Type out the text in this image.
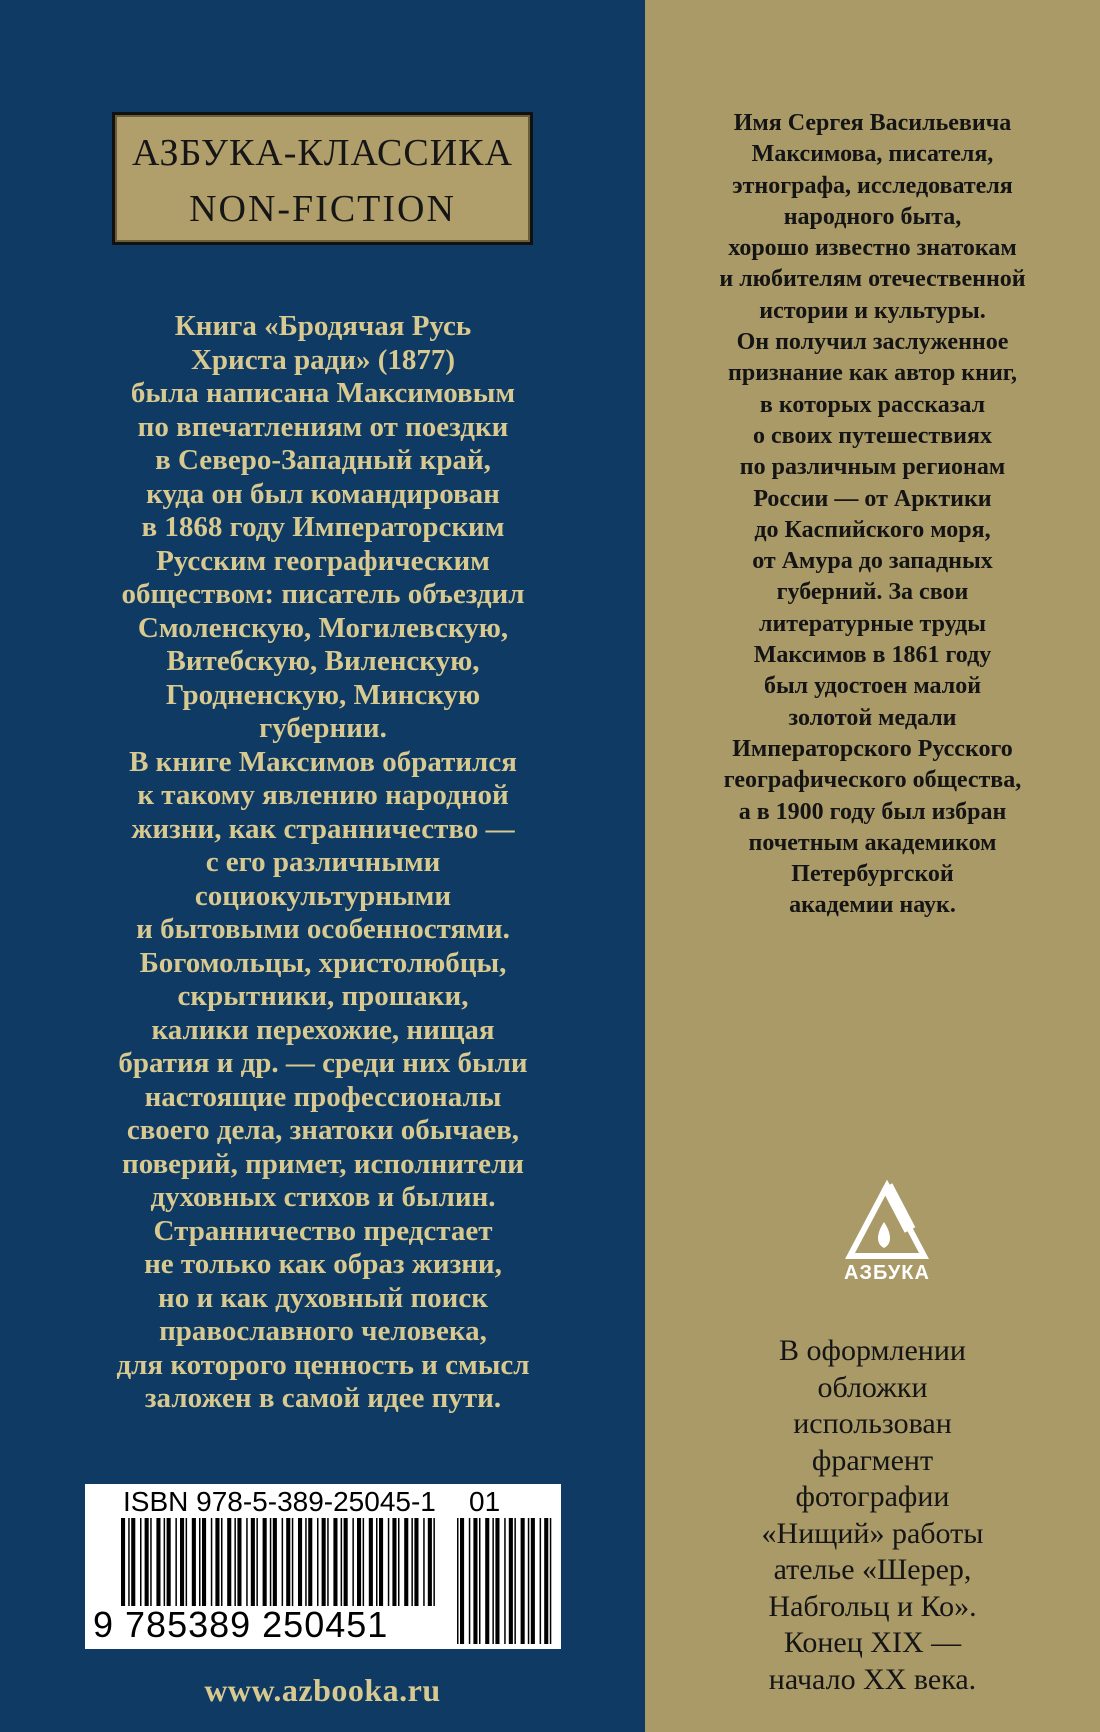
АЗБУКА-КЛАССИКА
NON-FICTION
Книга «Бродячая Русь
Христа ради» (1877)
была написана Максимовым
по впечатлениям от поездки
в Северо-Западный край,
куда он был командирован
в 1868 году Императорским
Русским географическим
обществом: писатель объездил
Смоленскую, Могилевскую,
Витебскую, Виленскую,
Гродненскую, Минскую
губернии.
В книге Максимов обратился
к такому явлению народной
жизни, как странничество —
с его различными
социокультурными
и бытовыми особенностями.
Богомольцы, христолюбцы,
скрытники, прошаки,
калики перехожие, нищая
братия и др. — среди них были
настоящие профессионалы
своего дела, знатоки обычаев,
поверий, примет, исполнители
духовных стихов и былин.
Странничество предстает
не только как образ жизни,
но и как духовный поиск
православного человека,
для которого ценность и смысл
заложен в самой идее пути.
ISBN 978-5-389-25045-1 01
9 785389 250451
www.azbooka.ru
Имя Сергея Васильевича
Максимова, писателя,
этнографа, исследователя
народного быта,
хорошо известно знатокам
и любителям отечественной
истории и культуры.
Он получил заслуженное
признание как автор книг,
в которых рассказал
о своих путешествиях
по различным регионам
России — от Арктики
до Каспийского моря,
от Амура до западных
губерний. За свои
литературные труды
Максимов в 1861 году
был удостоен малой
золотой медали
Императорского Русского
географического общества,
а в 1900 году был избран
почетным академиком
Петербургской
академии наук.
В оформлении
обложки
использован
фрагмент
фотографии
«Нищий» работы
ателье «Шерер,
Набгольц и Ко».
Конец XIX —
начало XX века.
АЗБУКА
